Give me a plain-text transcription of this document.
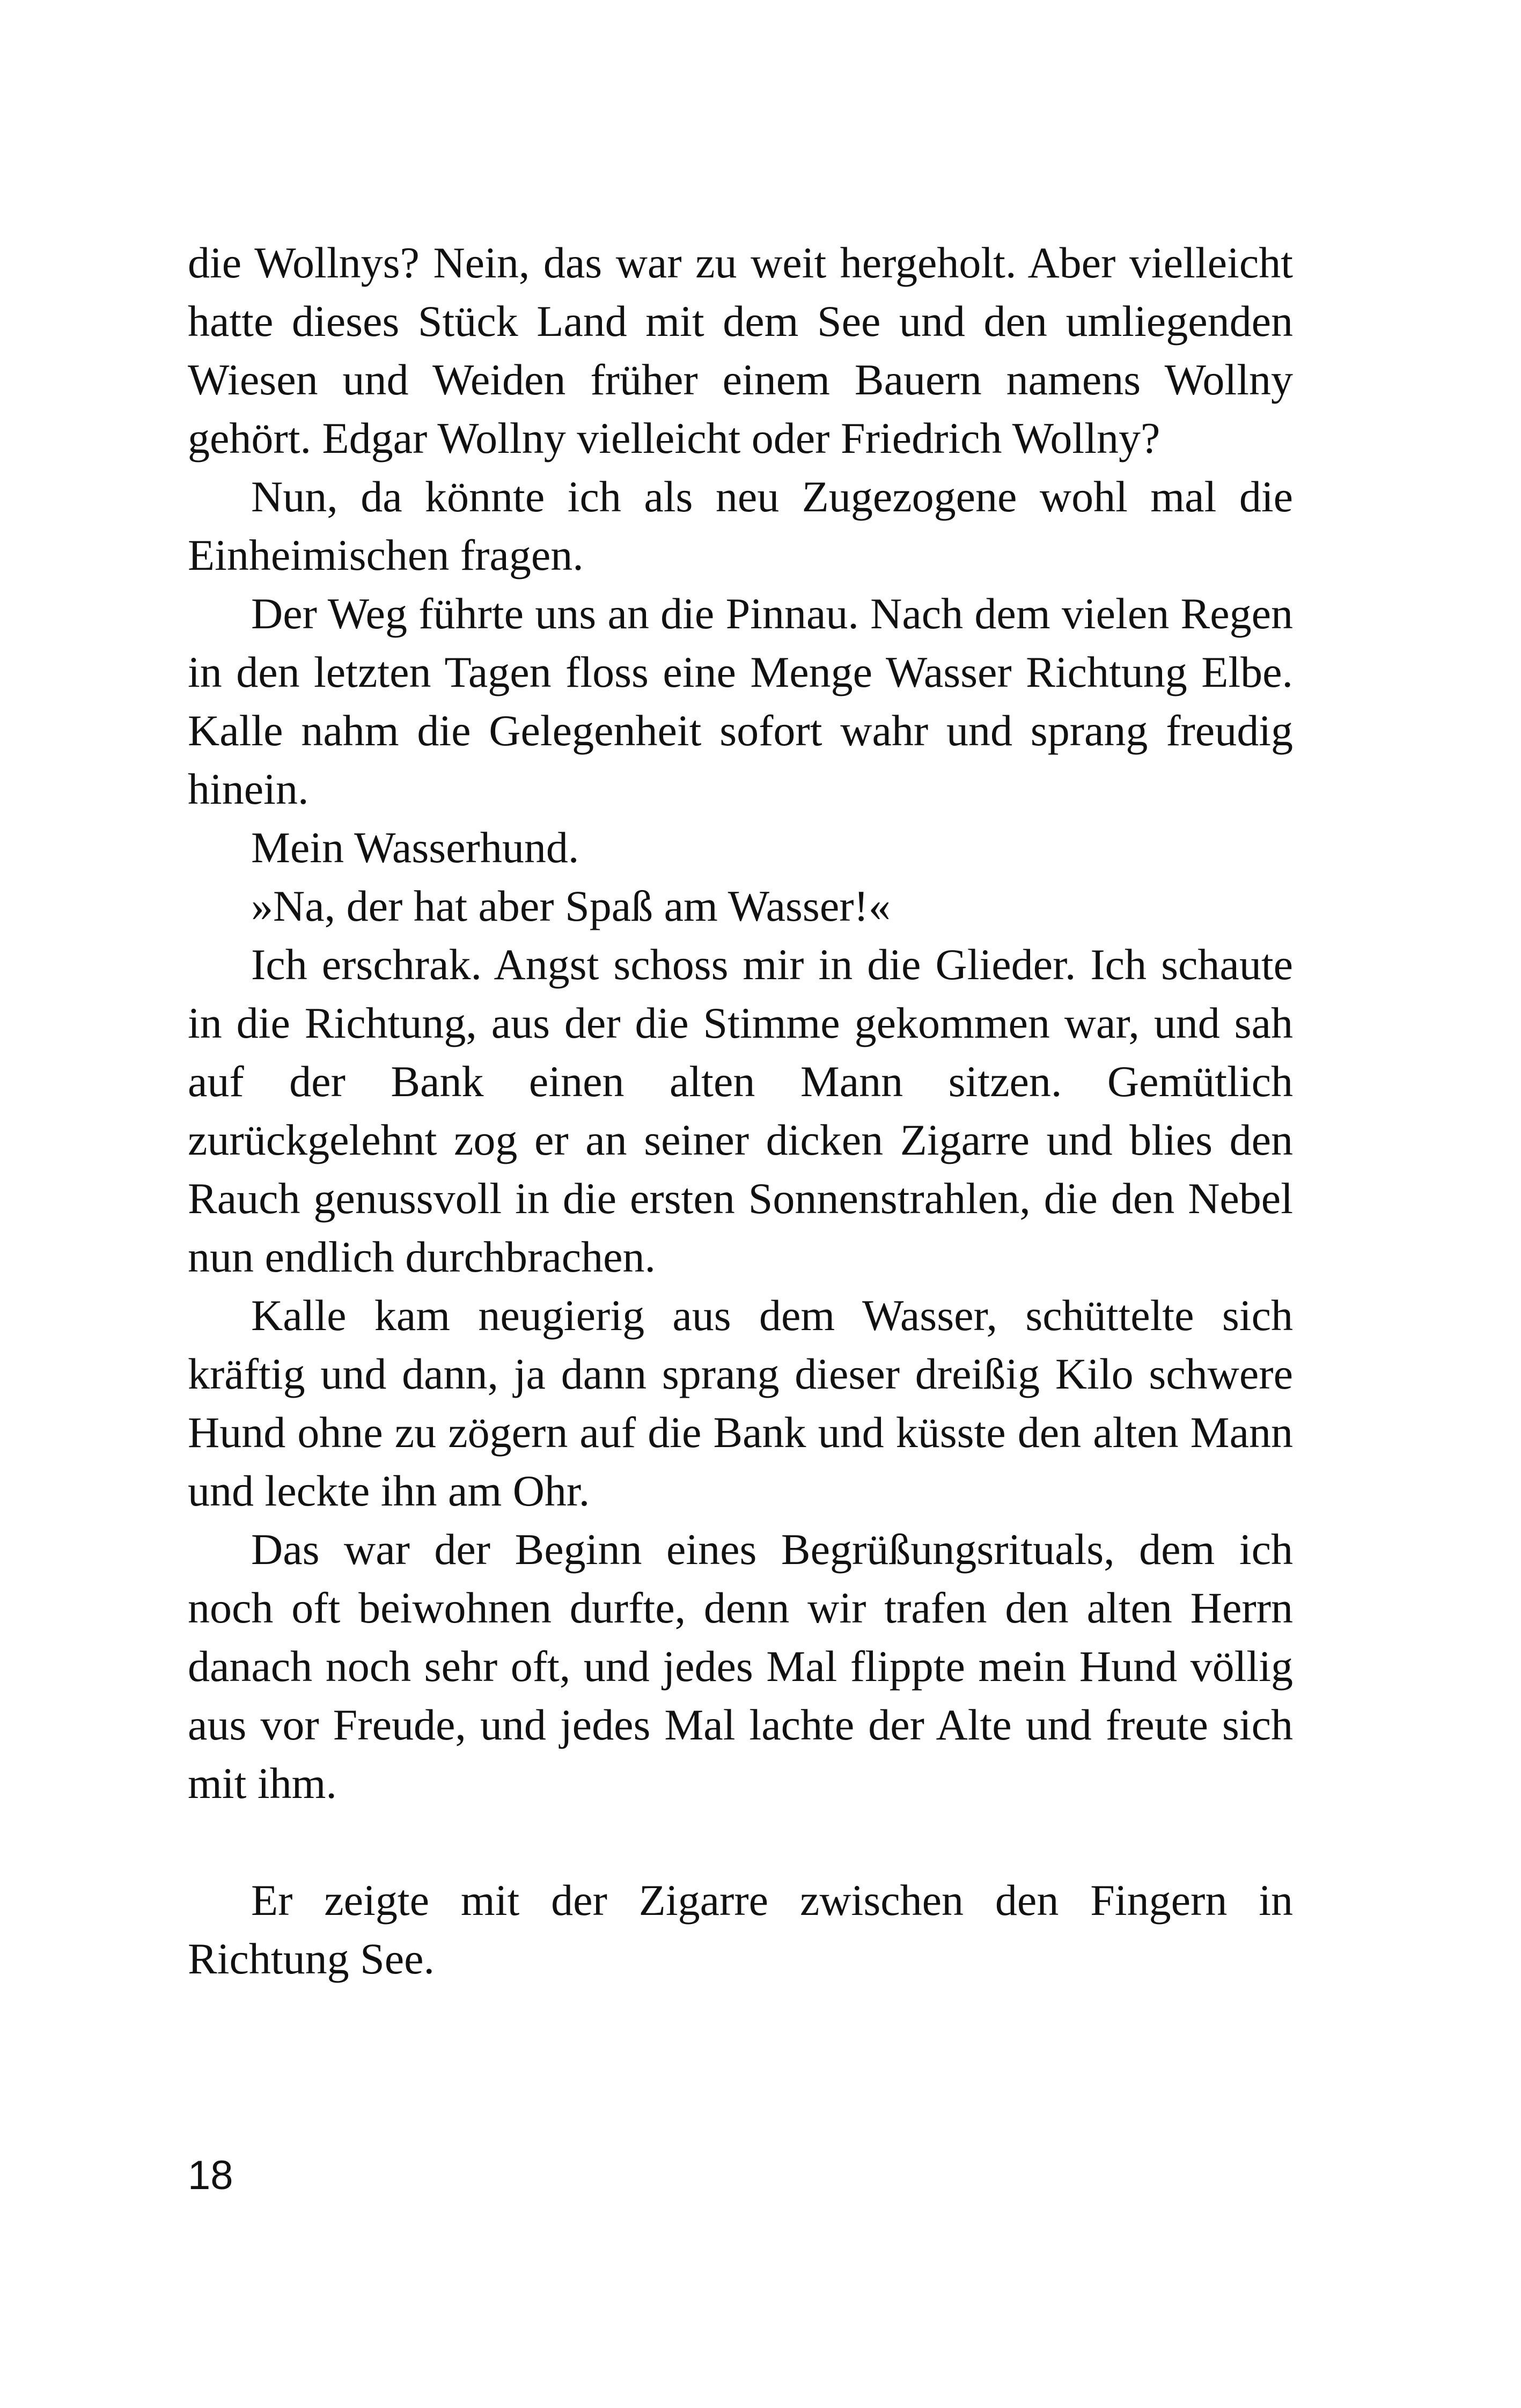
die Wollnys? Nein, das war zu weit hergeholt. Aber vielleicht hatte dieses Stück Land mit dem See und den umliegenden Wiesen und Weiden früher einem Bauern namens Wollny gehört. Edgar Wollny vielleicht oder Friedrich Wollny?

Nun, da könnte ich als neu Zugezogene wohl mal die Einheimischen fragen.

Der Weg führte uns an die Pinnau. Nach dem vielen Regen in den letzten Tagen floss eine Menge Wasser Richtung Elbe. Kalle nahm die Gelegenheit sofort wahr und sprang freudig hinein.

Mein Wasserhund.

»Na, der hat aber Spaß am Wasser!«

Ich erschrak. Angst schoss mir in die Glieder. Ich schaute in die Richtung, aus der die Stimme gekommen war, und sah auf der Bank einen alten Mann sitzen. Gemütlich zurückgelehnt zog er an seiner dicken Zigarre und blies den Rauch genussvoll in die ersten Sonnenstrahlen, die den Nebel nun endlich durchbrachen.

Kalle kam neugierig aus dem Wasser, schüttelte sich kräftig und dann, ja dann sprang dieser dreißig Kilo schwere Hund ohne zu zögern auf die Bank und küsste den alten Mann und leckte ihn am Ohr.

Das war der Beginn eines Begrüßungsrituals, dem ich noch oft beiwohnen durfte, denn wir trafen den alten Herrn danach noch sehr oft, und jedes Mal flippte mein Hund völlig aus vor Freude, und jedes Mal lachte der Alte und freute sich mit ihm.

Er zeigte mit der Zigarre zwischen den Fingern in Richtung See.

18
